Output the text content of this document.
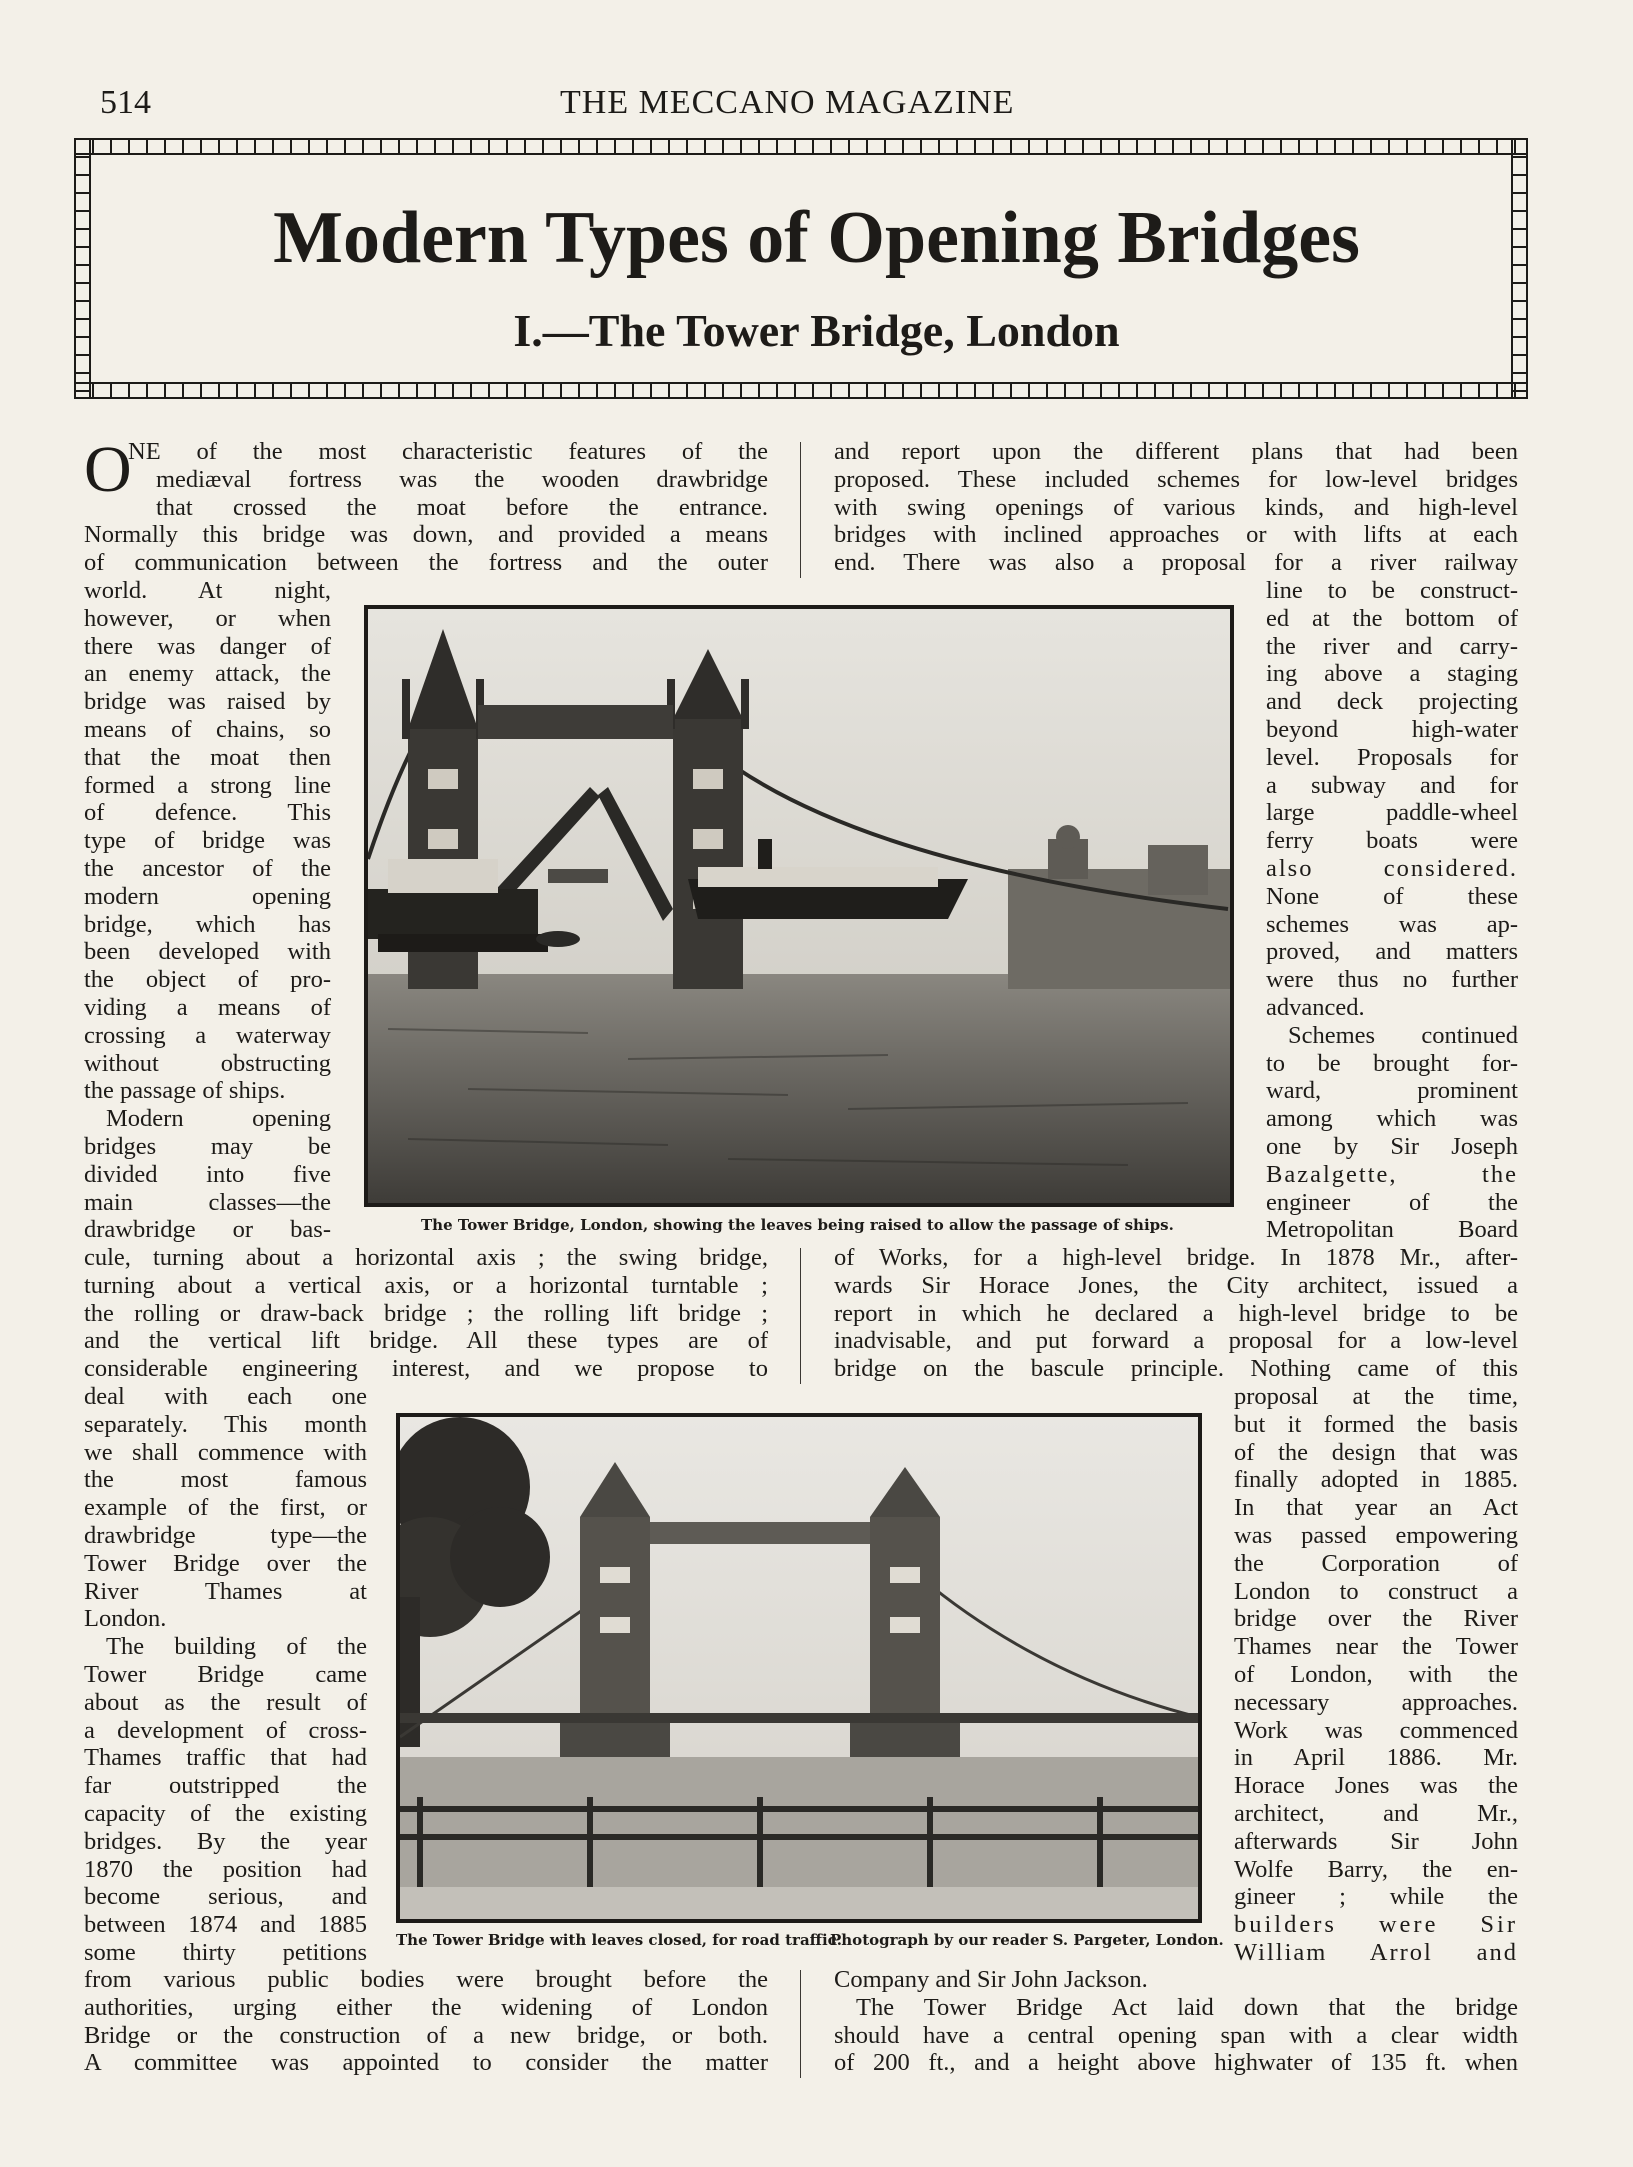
514	THE MECCANO MAGAZINE
Modern Types of Opening Bridges
I.—The Tower Bridge, London
O
NE of the most characteristic features of the
mediæval fortress was the wooden drawbridge
that crossed the moat before the entrance.
Normally this bridge was down, and provided a means
of communication between the fortress and the outer
and report upon the different plans that had been
proposed. These included schemes for low-level bridges
with swing openings of various kinds, and high-level
bridges with inclined approaches or with lifts at each
end. There was also a proposal for a river railway
world. At night,
however, or when
there was danger of
an enemy attack, the
bridge was raised by
means of chains, so
that the moat then
formed a strong line
of defence. This
type of bridge was
the ancestor of the
modern opening
bridge, which has
been developed with
the object of pro-
viding a means of
crossing a waterway
without obstructing
the passage of ships.
Modern opening
bridges may be
divided into five
main classes—the
drawbridge or bas-	The Tower Bridge, London, showing the leaves being raised to allow the passage of ships.
line to be construct-
ed at the bottom of
the river and carry-
ing above a staging
and deck projecting
beyond high-water
level. Proposals for
a subway and for
large paddle-wheel
ferry boats were
also considered.
None of these
schemes was ap-
proved, and matters
were thus no further
advanced.
Schemes continued
to be brought for-
ward, prominent
among which was
one by Sir Joseph
Bazalgette, the
engineer of the
Metropolitan Board
cule, turning about a horizontal axis ; the swing bridge,
turning about a vertical axis, or a horizontal turntable ;
the rolling or draw-back bridge ; the rolling lift bridge ;
and the vertical lift bridge. All these types are of
considerable engineering interest, and we propose to
of Works, for a high-level bridge. In 1878 Mr., after-
wards Sir Horace Jones, the City architect, issued a
report in which he declared a high-level bridge to be
inadvisable, and put forward a proposal for a low-level
bridge on the bascule principle. Nothing came of this
deal with each one
separately. This month
we shall commence with
the most famous
example of the first, or
drawbridge type—the
Tower Bridge over the
River Thames at
London.
The building of the
Tower Bridge came
about as the result of
a development of cross-
Thames traffic that had
far outstripped the
capacity of the existing
bridges. By the year
1870 the position had
become serious, and
between 1874 and 1885
some thirty petitions The Tower Bridge with leaves closed, for road traffic.
Photograph by our reader S. Pargeter, London.
proposal at the time,
but it formed the basis
of the design that was
finally adopted in 1885.
In that year an Act
was passed empowering
the Corporation of
London to construct a
bridge over the River
Thames near the Tower
of London, with the
necessary approaches.
Work was commenced
in April 1886. Mr.
Horace Jones was the
architect, and Mr.,
afterwards Sir John
Wolfe Barry, the en-
gineer ; while the
builders were Sir
William Arrol and
from various public bodies were brought before the
authorities, urging either the widening of London
Bridge or the construction of a new bridge, or both.
A committee was appointed to consider the matter
Company and Sir John Jackson.
The Tower Bridge Act laid down that the bridge
should have a central opening span with a clear width
of 200 ft., and a height above highwater of 135 ft. when
